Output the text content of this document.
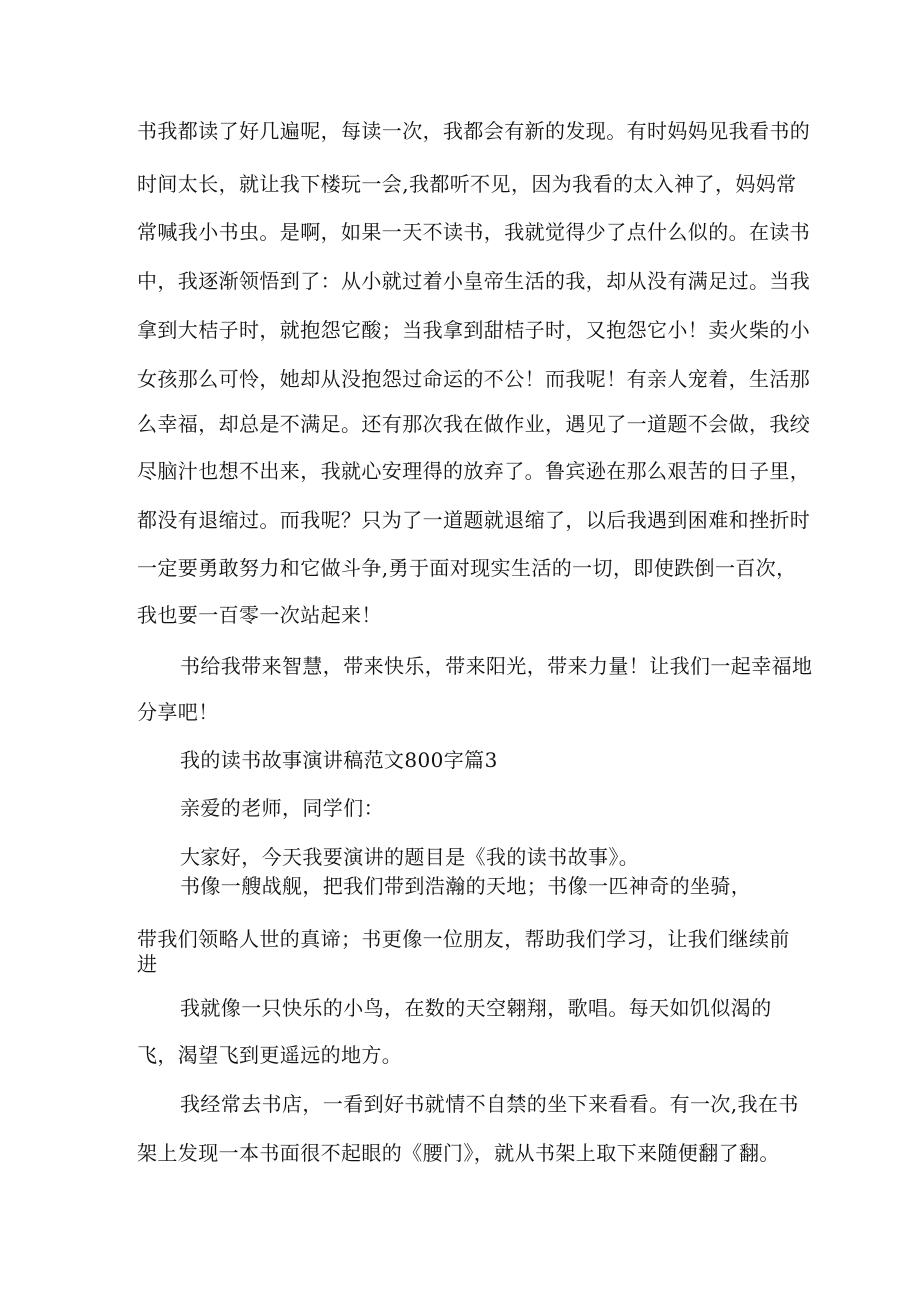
书我都读了好几遍呢，每读一次，我都会有新的发现。有时妈妈见我看书的
时间太长，就让我下楼玩一会,我都听不见，因为我看的太入神了，妈妈常
常喊我小书虫。是啊，如果一天不读书，我就觉得少了点什么似的。在读书
中，我逐渐领悟到了：从小就过着小皇帝生活的我，却从没有满足过。当我
拿到大桔子时，就抱怨它酸；当我拿到甜桔子时，又抱怨它小！卖火柴的小
女孩那么可怜，她却从没抱怨过命运的不公！而我呢！有亲人宠着，生活那
么幸福，却总是不满足。还有那次我在做作业，遇见了一道题不会做，我绞
尽脑汁也想不出来，我就心安理得的放弃了。鲁宾逊在那么艰苦的日子里，
都没有退缩过。而我呢？只为了一道题就退缩了，以后我遇到困难和挫折时
一定要勇敢努力和它做斗争,勇于面对现实生活的一切，即使跌倒一百次，
我也要一百零一次站起来！
书给我带来智慧，带来快乐，带来阳光，带来力量！让我们一起幸福地
分享吧！
我的读书故事演讲稿范文800字篇3
亲爱的老师，同学们：
大家好，今天我要演讲的题目是《我的读书故事》。
书像一艘战舰，把我们带到浩瀚的天地；书像一匹神奇的坐骑，
带我们领略人世的真谛；书更像一位朋友，帮助我们学习，让我们继续前
进
我就像一只快乐的小鸟，在数的天空翱翔，歌唱。每天如饥似渴的
飞，渴望飞到更遥远的地方。
我经常去书店，一看到好书就情不自禁的坐下来看看。有一次,我在书
架上发现一本书面很不起眼的《腰门》，就从书架上取下来随便翻了翻。
